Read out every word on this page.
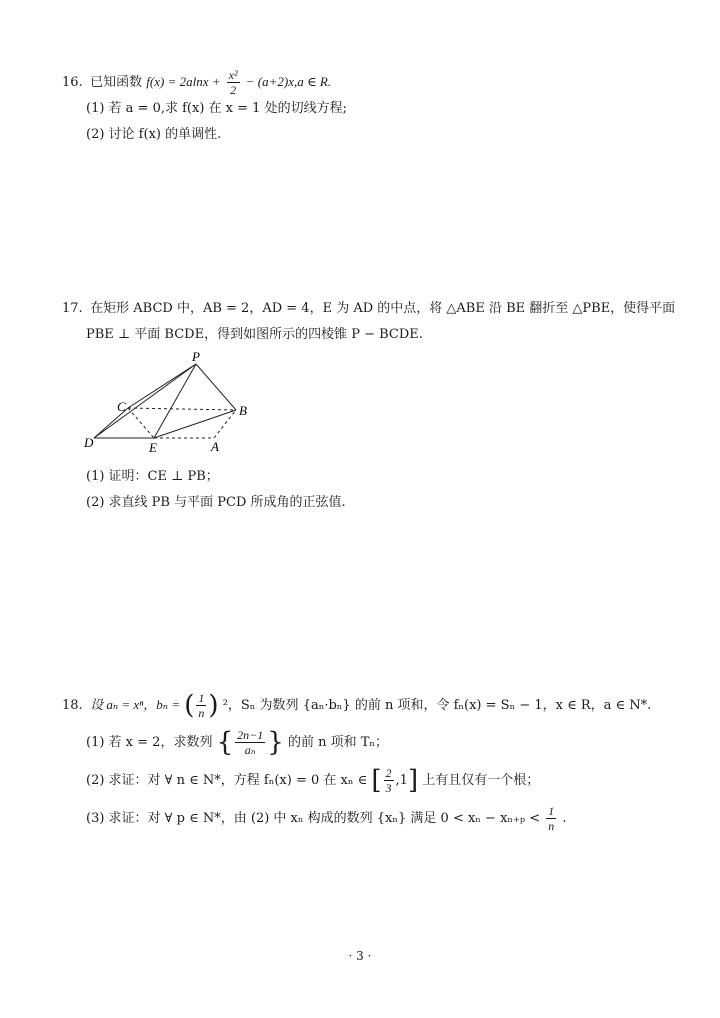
16. 已知函数 $f(x) = 2alnx + \frac{\text{x²}}{2} - (a+2)x,a$ ∈ R.
(1) 若 a = 0,求 f(x) 在 x = 1 处的切线方程;
(2) 讨论 f(x) 的单调性.
17. 在矩形 ABCD 中，AB = 2，AD = 4，E 为 AD 的中点，将 △ABE 沿 BE 翻折至 △PBE，使得平面
PBE ⊥ 平面 BCDE，得到如图所示的四棱锥 P − BCDE.
P
C	B
D	E	A
(1) 证明：CE ⊥ PB；
(2) 求直线 PB 与平面 PCD 所成角的正弦值.
18. 设 aₙ = xⁿ，bₙ = ( $\frac{1}{n}$ ) ²，Sₙ 为数列 {aₙ·bₙ} 的前 n 项和，令 fₙ(x) = Sₙ − 1，x ∈ R，a ∈ N*.
(1) 若 x = 2，求数列 { $\frac{2n-1}{\text{aₙ}}$ } 的前 n 项和 Tₙ；
(2) 求证：对 ∀ n ∈ N*，方程 fₙ(x) = 0 在 xₙ ∈ [ $\frac{2}{3} ,1$] 上有且仅有一个根；
(3) 求证：对 ∀ p ∈ N*，由 (2) 中 xₙ 构成的数列 {xₙ} 满足 $0 < x_n - x_{n+p} < \frac{1}{n}$ .
· 3 ·
